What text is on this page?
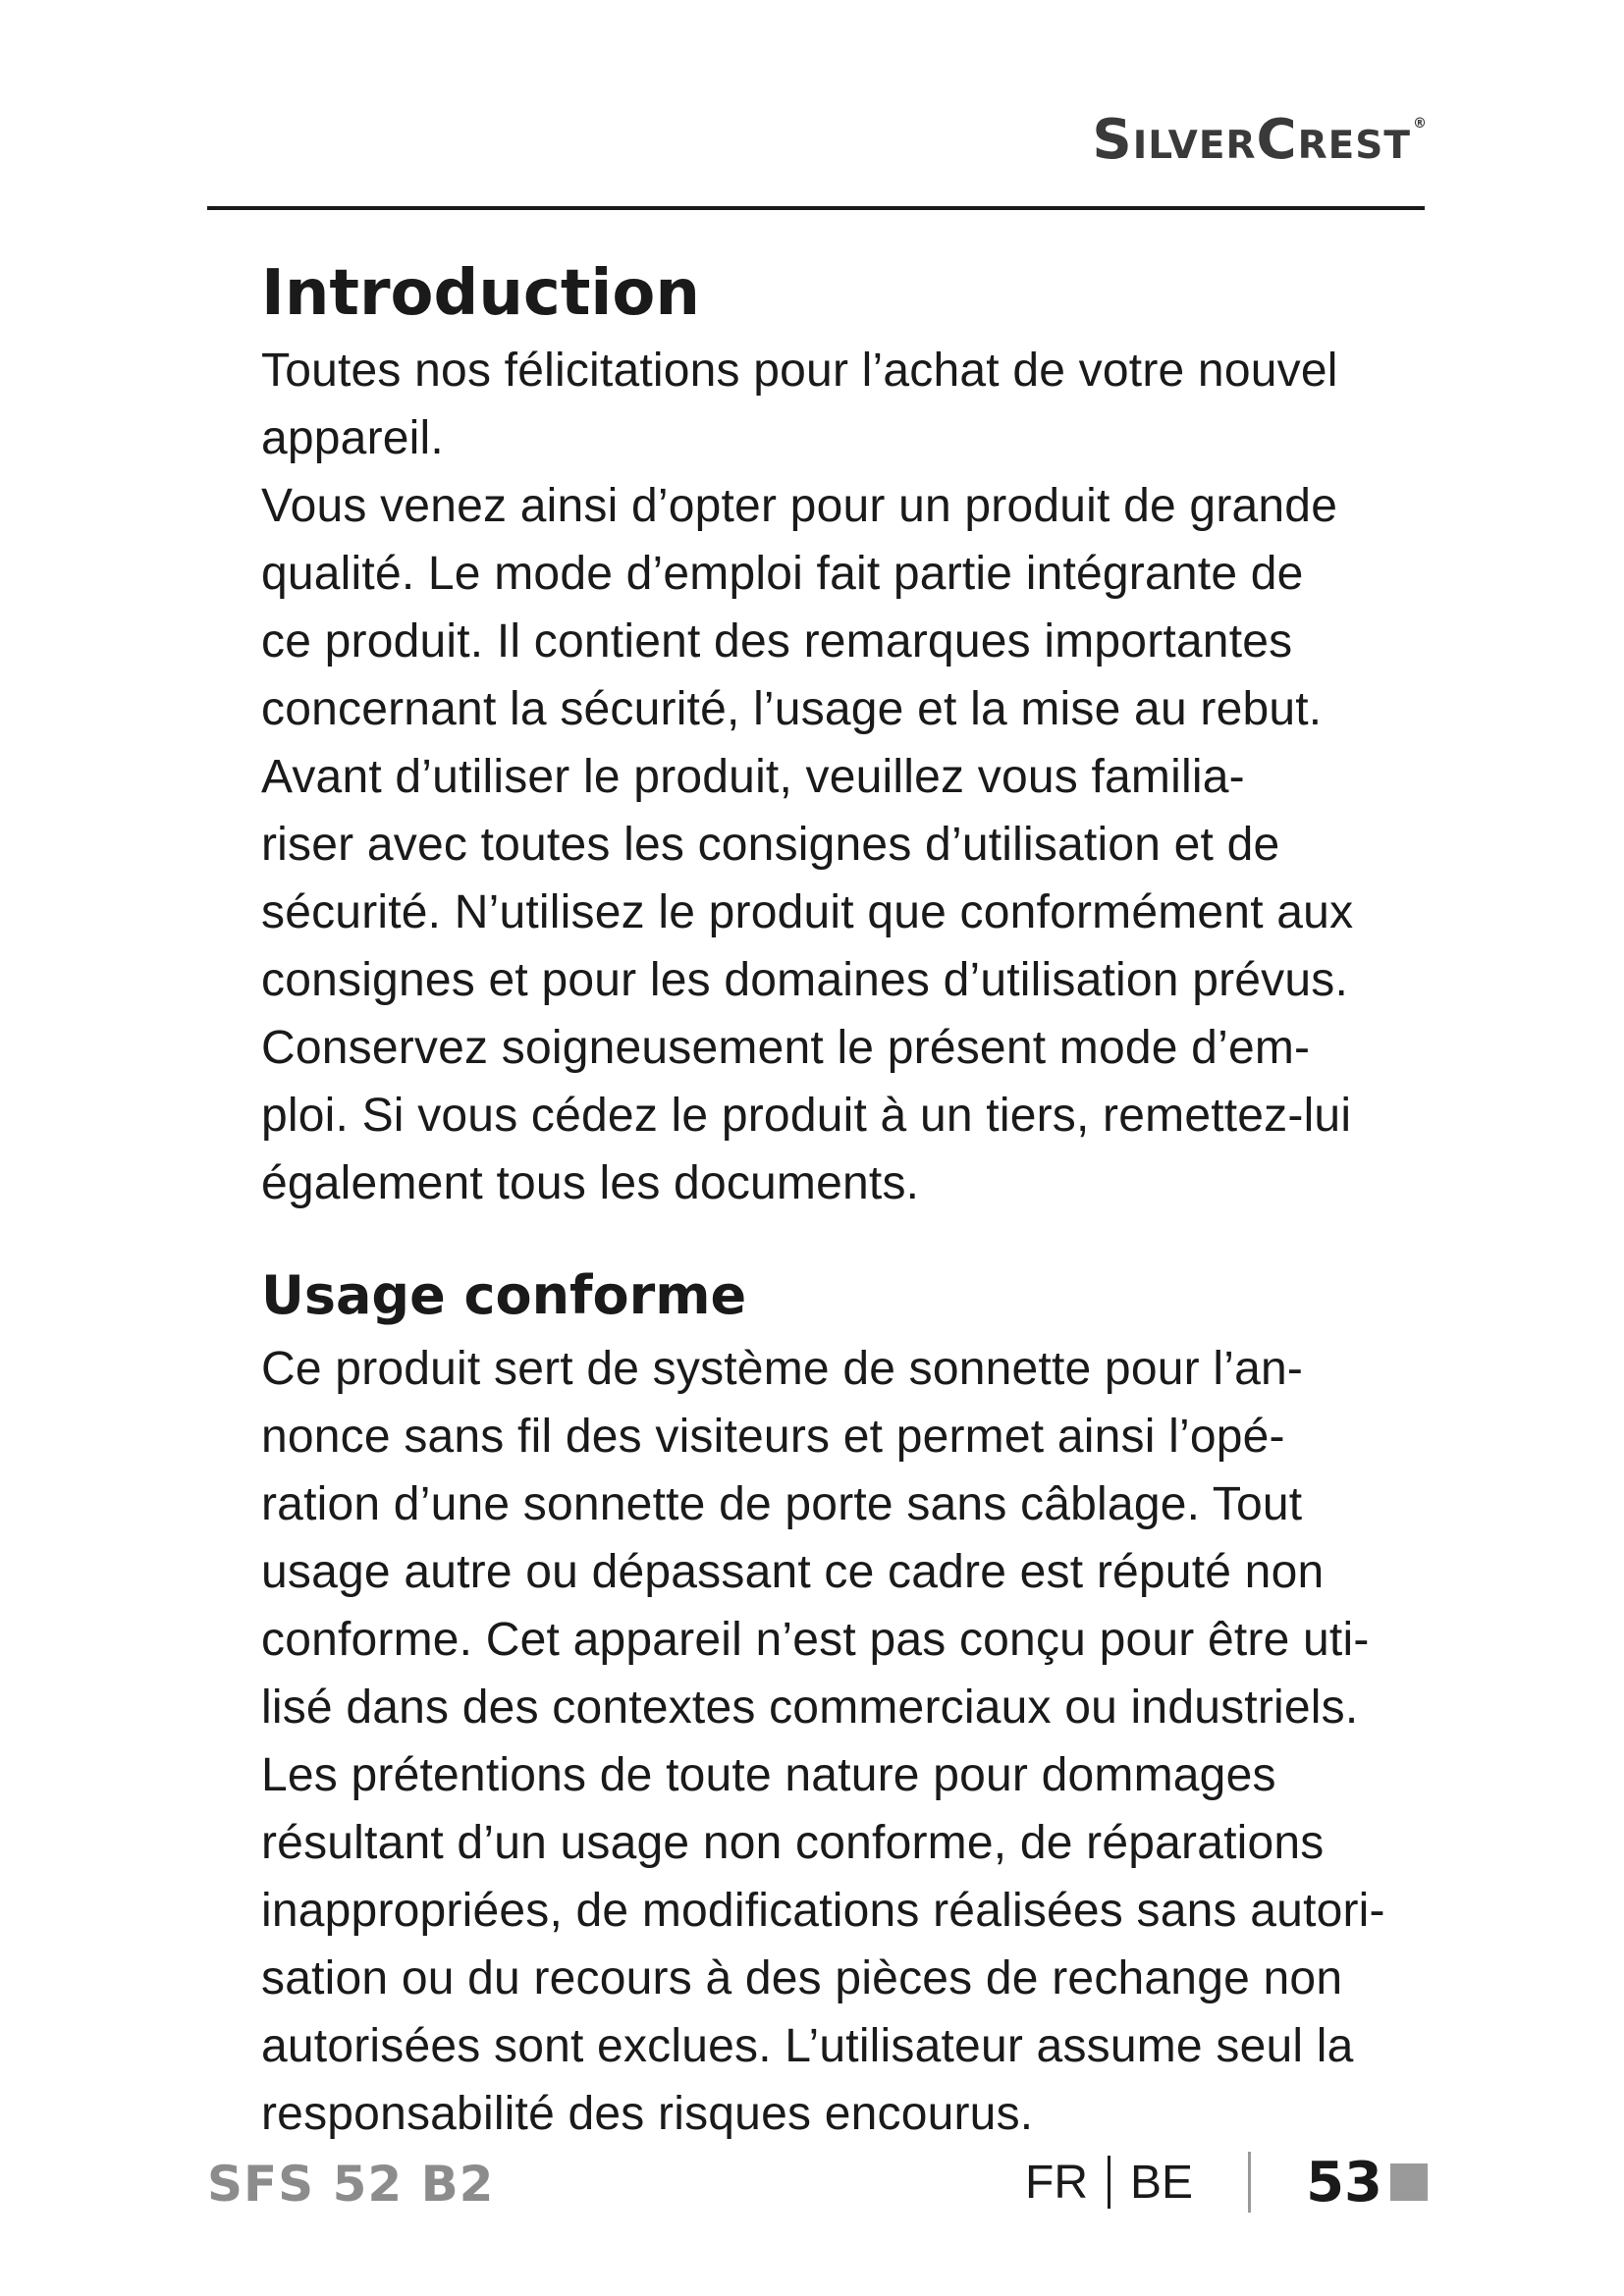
SilverCrest ®
Introduction

Toutes nos félicitations pour l’achat de votre nouvel
appareil.
Vous venez ainsi d’opter pour un produit de grande
qualité. Le mode d’emploi fait partie intégrante de
ce produit. Il contient des remarques importantes
concernant la sécurité, l’usage et la mise au rebut.
Avant d’utiliser le produit, veuillez vous familia-
riser avec toutes les consignes d’utilisation et de
sécurité. N’utilisez le produit que conformément aux
consignes et pour les domaines d’utilisation prévus.
Conservez soigneusement le présent mode d’em-
ploi. Si vous cédez le produit à un tiers, remettez-lui
également tous les documents.

Usage conforme

Ce produit sert de système de sonnette pour l’an-
nonce sans fil des visiteurs et permet ainsi l’opé-
ration d’une sonnette de porte sans câblage. Tout
usage autre ou dépassant ce cadre est réputé non
conforme. Cet appareil n’est pas conçu pour être uti-
lisé dans des contextes commerciaux ou industriels.
Les prétentions de toute nature pour dommages
résultant d’un usage non conforme, de réparations
inappropriées, de modifications réalisées sans autori-
sation ou du recours à des pièces de rechange non
autorisées sont exclues. L’utilisateur assume seul la
responsabilité des risques encourus.

SFS 52 B2	FR BE 53
